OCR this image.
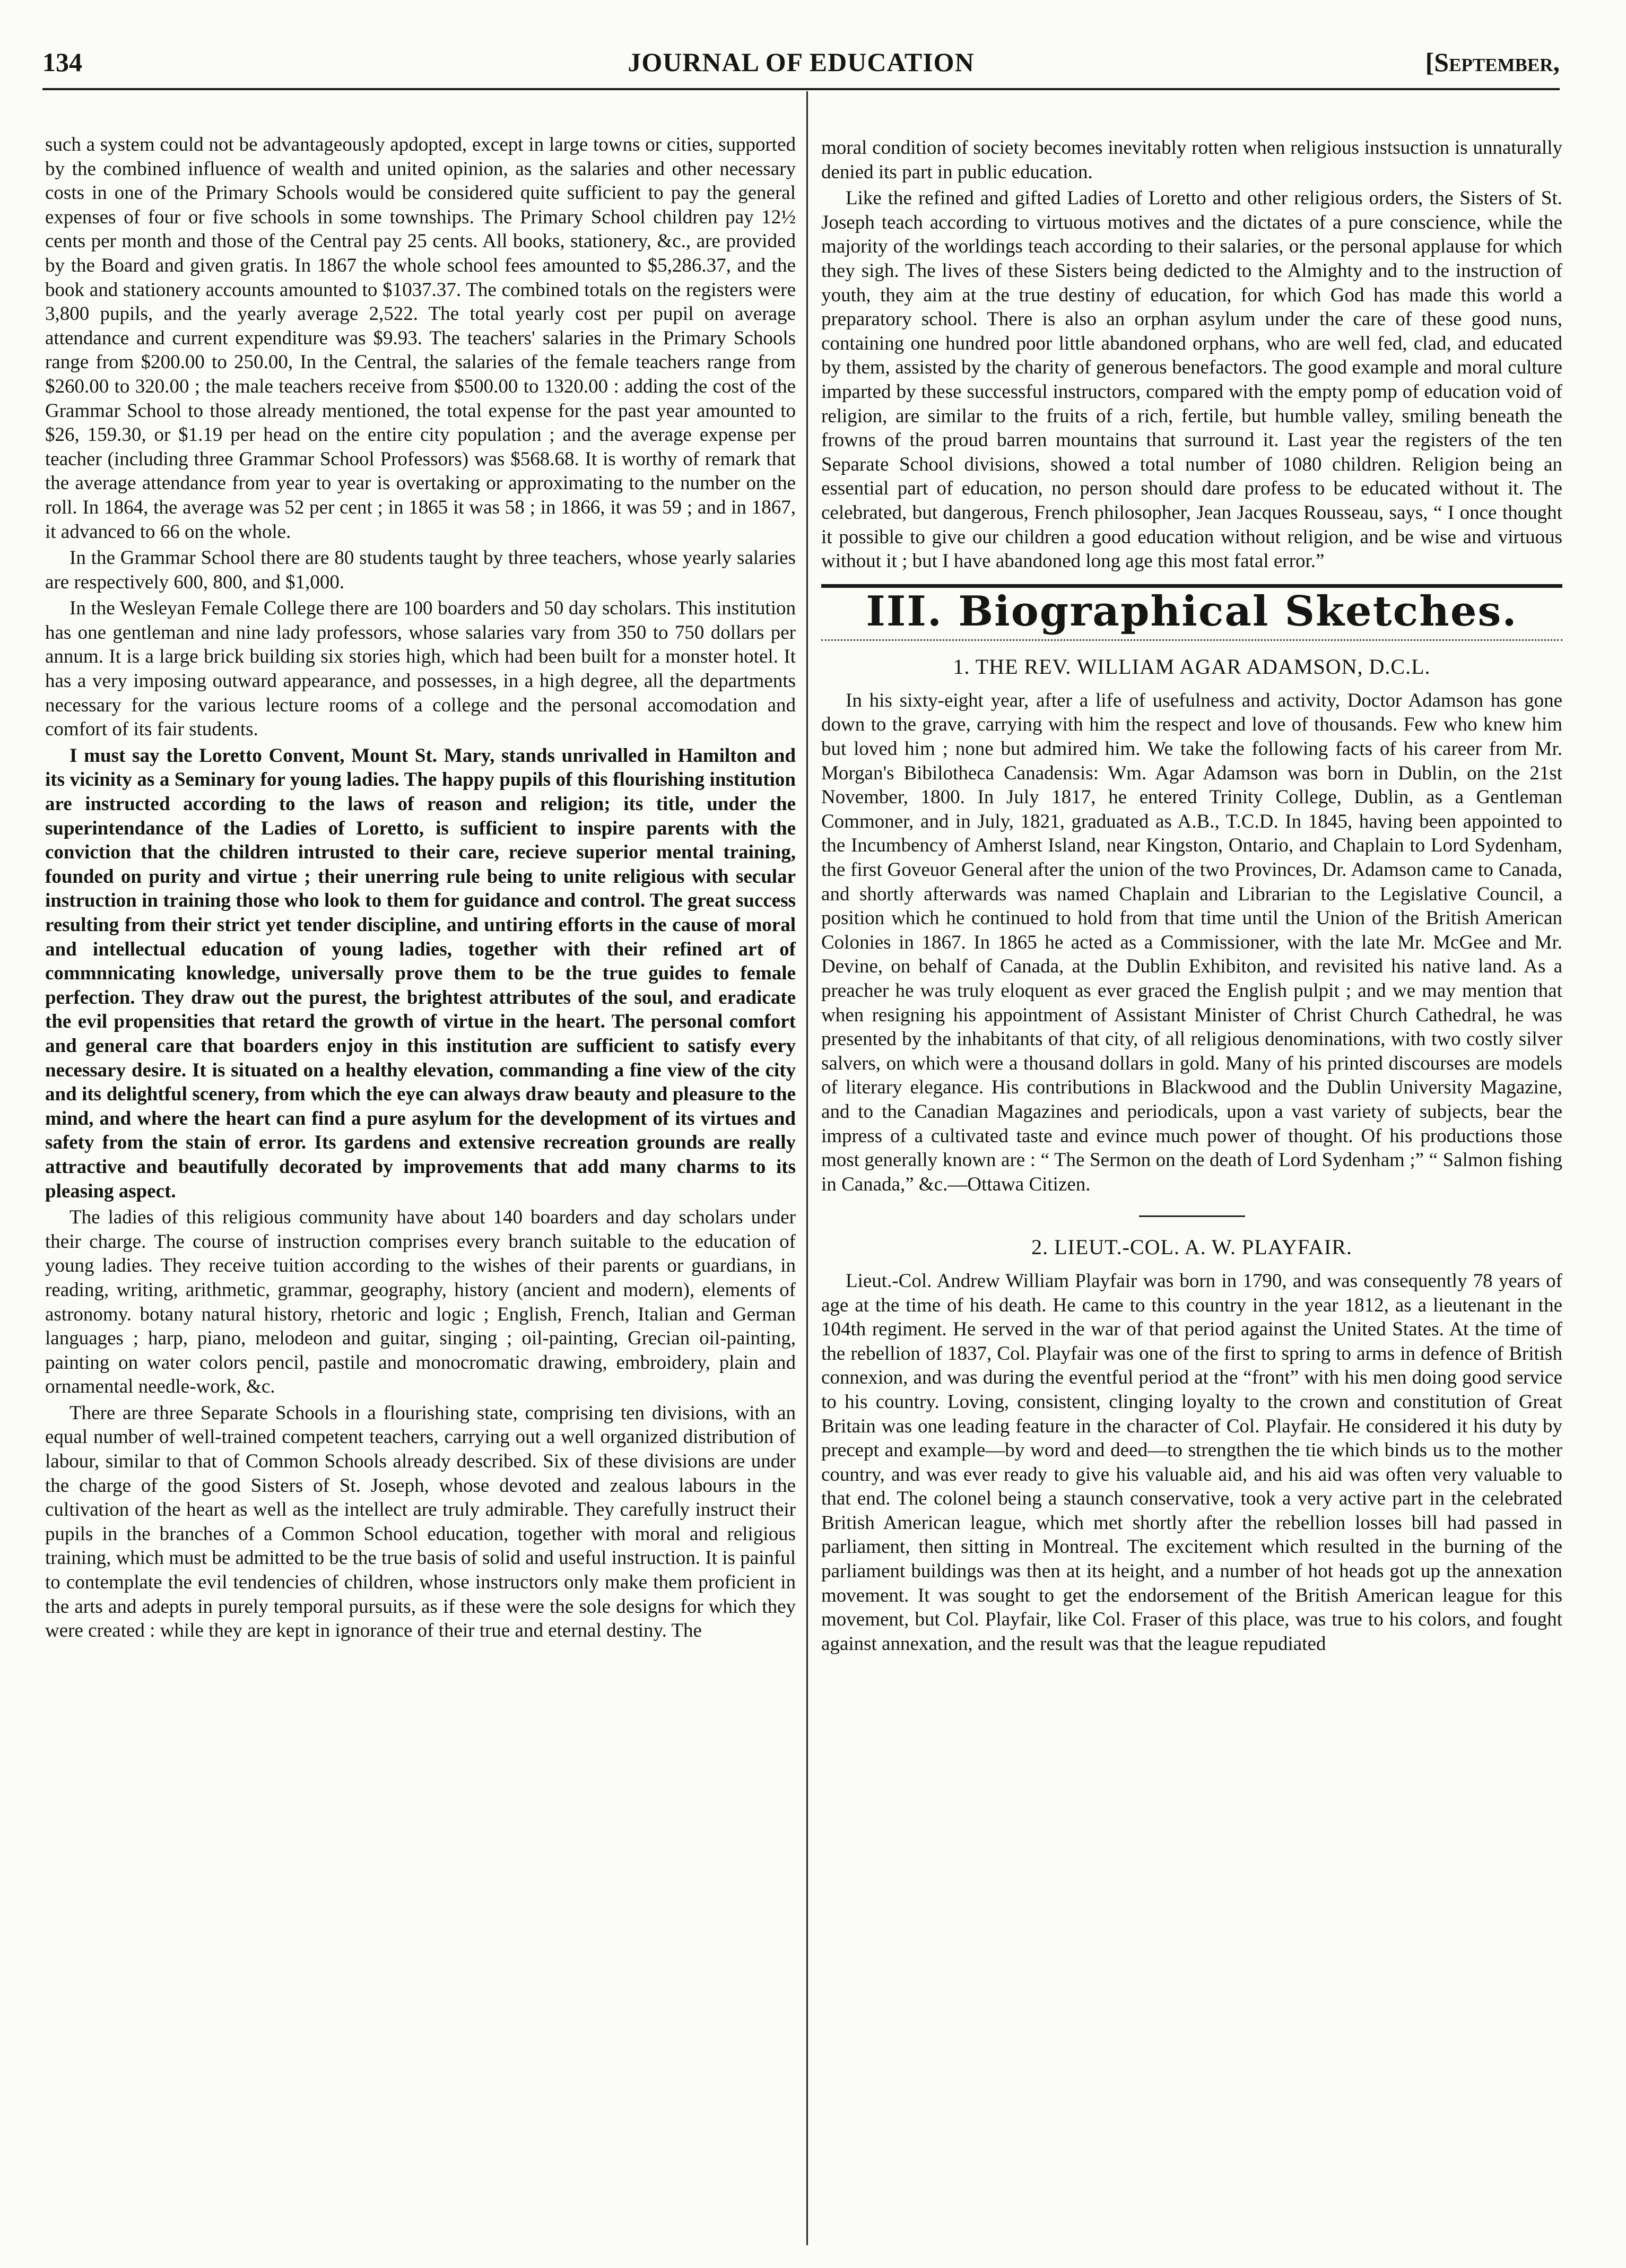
134	JOURNAL OF EDUCATION	[September,

such a system could not be advantageously apdopted, except in large towns or cities, supported by the combined influence of wealth and united opinion, as the salaries and other necessary costs in one of the Primary Schools would be considered quite sufficient to pay the general expenses of four or five schools in some townships. The Primary School children pay 12½ cents per month and those of the Central pay 25 cents. All books, stationery, &c., are provided by the Board and given gratis. In 1867 the whole school fees amounted to $5,286.37, and the book and stationery accounts amounted to $1037.37. The combined totals on the registers were 3,800 pupils, and the yearly average 2,522. The total yearly cost per pupil on average attendance and current expenditure was $9.93. The teachers' salaries in the Primary Schools range from $200.00 to 250.00, In the Central, the salaries of the female teachers range from $260.00 to 320.00 ; the male teachers receive from $500.00 to 1320.00 : adding the cost of the Grammar School to those already mentioned, the total expense for the past year amounted to $26, 159.30, or $1.19 per head on the entire city population ; and the average expense per teacher (including three Grammar School Professors) was $568.68. It is worthy of remark that the average attendance from year to year is overtaking or approximating to the number on the roll. In 1864, the average was 52 per cent ; in 1865 it was 58 ; in 1866, it was 59 ; and in 1867, it advanced to 66 on the whole.

In the Grammar School there are 80 students taught by three teachers, whose yearly salaries are respectively 600, 800, and $1,000.

In the Wesleyan Female College there are 100 boarders and 50 day scholars. This institution has one gentleman and nine lady professors, whose salaries vary from 350 to 750 dollars per annum. It is a large brick building six stories high, which had been built for a monster hotel. It has a very imposing outward appearance, and possesses, in a high degree, all the departments necessary for the various lecture rooms of a college and the personal accomodation and comfort of its fair students.

I must say the Loretto Convent, Mount St. Mary, stands unrivalled in Hamilton and its vicinity as a Seminary for young ladies. The happy pupils of this flourishing institution are instructed according to the laws of reason and religion; its title, under the superintendance of the Ladies of Loretto, is sufficient to inspire parents with the conviction that the children intrusted to their care, recieve superior mental training, founded on purity and virtue ; their unerring rule being to unite religious with secular instruction in training those who look to them for guidance and control. The great success resulting from their strict yet tender discipline, and untiring efforts in the cause of moral and intellectual education of young ladies, together with their refined art of commnnicating knowledge, universally prove them to be the true guides to female perfection. They draw out the purest, the brightest attributes of the soul, and eradicate the evil propensities that retard the growth of virtue in the heart. The personal comfort and general care that boarders enjoy in this institution are sufficient to satisfy every necessary desire. It is situated on a healthy elevation, commanding a fine view of the city and its delightful scenery, from which the eye can always draw beauty and pleasure to the mind, and where the heart can find a pure asylum for the development of its virtues and safety from the stain of error. Its gardens and extensive recreation grounds are really attractive and beautifully decorated by improvements that add many charms to its pleasing aspect.

The ladies of this religious community have about 140 boarders and day scholars under their charge. The course of instruction comprises every branch suitable to the education of young ladies. They receive tuition according to the wishes of their parents or guardians, in reading, writing, arithmetic, grammar, geography, history (ancient and modern), elements of astronomy. botany natural history, rhetoric and logic ; English, French, Italian and German languages ; harp, piano, melodeon and guitar, singing ; oil-painting, Grecian oil-painting, painting on water colors pencil, pastile and monocromatic drawing, embroidery, plain and ornamental needle-work, &c.

There are three Separate Schools in a flourishing state, comprising ten divisions, with an equal number of well-trained competent teachers, carrying out a well organized distribution of labour, similar to that of Common Schools already described. Six of these divisions are under the charge of the good Sisters of St. Joseph, whose devoted and zealous labours in the cultivation of the heart as well as the intellect are truly admirable. They carefully instruct their pupils in the branches of a Common School education, together with moral and religious training, which must be admitted to be the true basis of solid and useful instruction. It is painful to contemplate the evil tendencies of children, whose instructors only make them proficient in the arts and adepts in purely temporal pursuits, as if these were the sole designs for which they were created : while they are kept in ignorance of their true and eternal destiny. The

moral condition of society becomes inevitably rotten when religious instsuction is unnaturally denied its part in public education.

Like the refined and gifted Ladies of Loretto and other religious orders, the Sisters of St. Joseph teach according to virtuous motives and the dictates of a pure conscience, while the majority of the worldings teach according to their salaries, or the personal applause for which they sigh. The lives of these Sisters being dedicted to the Almighty and to the instruction of youth, they aim at the true destiny of education, for which God has made this world a preparatory school. There is also an orphan asylum under the care of these good nuns, containing one hundred poor little abandoned orphans, who are well fed, clad, and educated by them, assisted by the charity of generous benefactors. The good example and moral culture imparted by these successful instructors, compared with the empty pomp of education void of religion, are similar to the fruits of a rich, fertile, but humble valley, smiling beneath the frowns of the proud barren mountains that surround it. Last year the registers of the ten Separate School divisions, showed a total number of 1080 children. Religion being an essential part of education, no person should dare profess to be educated without it. The celebrated, but dangerous, French philosopher, Jean Jacques Rousseau, says, “ I once thought it possible to give our children a good education without religion, and be wise and virtuous without it ; but I have abandoned long age this most fatal error.”

III. Biographical Sketches.
1. THE REV. WILLIAM AGAR ADAMSON, D.C.L.

In his sixty-eight year, after a life of usefulness and activity, Doctor Adamson has gone down to the grave, carrying with him the respect and love of thousands. Few who knew him but loved him ; none but admired him. We take the following facts of his career from Mr. Morgan's Bibilotheca Canadensis: Wm. Agar Adamson was born in Dublin, on the 21st November, 1800. In July 1817, he entered Trinity College, Dublin, as a Gentleman Commoner, and in July, 1821, graduated as A.B., T.C.D. In 1845, having been appointed to the Incumbency of Amherst Island, near Kingston, Ontario, and Chaplain to Lord Sydenham, the first Goveuor General after the union of the two Provinces, Dr. Adamson came to Canada, and shortly afterwards was named Chaplain and Librarian to the Legislative Council, a position which he continued to hold from that time until the Union of the British American Colonies in 1867. In 1865 he acted as a Commissioner, with the late Mr. McGee and Mr. Devine, on behalf of Canada, at the Dublin Exhibiton, and revisited his native land. As a preacher he was truly eloquent as ever graced the English pulpit ; and we may mention that when resigning his appointment of Assistant Minister of Christ Church Cathedral, he was presented by the inhabitants of that city, of all religious denominations, with two costly silver salvers, on which were a thousand dollars in gold. Many of his printed discourses are models of literary elegance. His contributions in Blackwood and the Dublin University Magazine, and to the Canadian Magazines and periodicals, upon a vast variety of subjects, bear the impress of a cultivated taste and evince much power of thought. Of his productions those most generally known are : “ The Sermon on the death of Lord Sydenham ;” “ Salmon fishing in Canada,” &c.—Ottawa Citizen.

2. LIEUT.-COL. A. W. PLAYFAIR.

Lieut.-Col. Andrew William Playfair was born in 1790, and was consequently 78 years of age at the time of his death. He came to this country in the year 1812, as a lieutenant in the 104th regiment. He served in the war of that period against the United States. At the time of the rebellion of 1837, Col. Playfair was one of the first to spring to arms in defence of British connexion, and was during the eventful period at the “front” with his men doing good service to his country. Loving, consistent, clinging loyalty to the crown and constitution of Great Britain was one leading feature in the character of Col. Playfair. He considered it his duty by precept and example—by word and deed—to strengthen the tie which binds us to the mother country, and was ever ready to give his valuable aid, and his aid was often very valuable to that end. The colonel being a staunch conservative, took a very active part in the celebrated British American league, which met shortly after the rebellion losses bill had passed in parliament, then sitting in Montreal. The excitement which resulted in the burning of the parliament buildings was then at its height, and a number of hot heads got up the annexation movement. It was sought to get the endorsement of the British American league for this movement, but Col. Playfair, like Col. Fraser of this place, was true to his colors, and fought against annexation, and the result was that the league repudiated
